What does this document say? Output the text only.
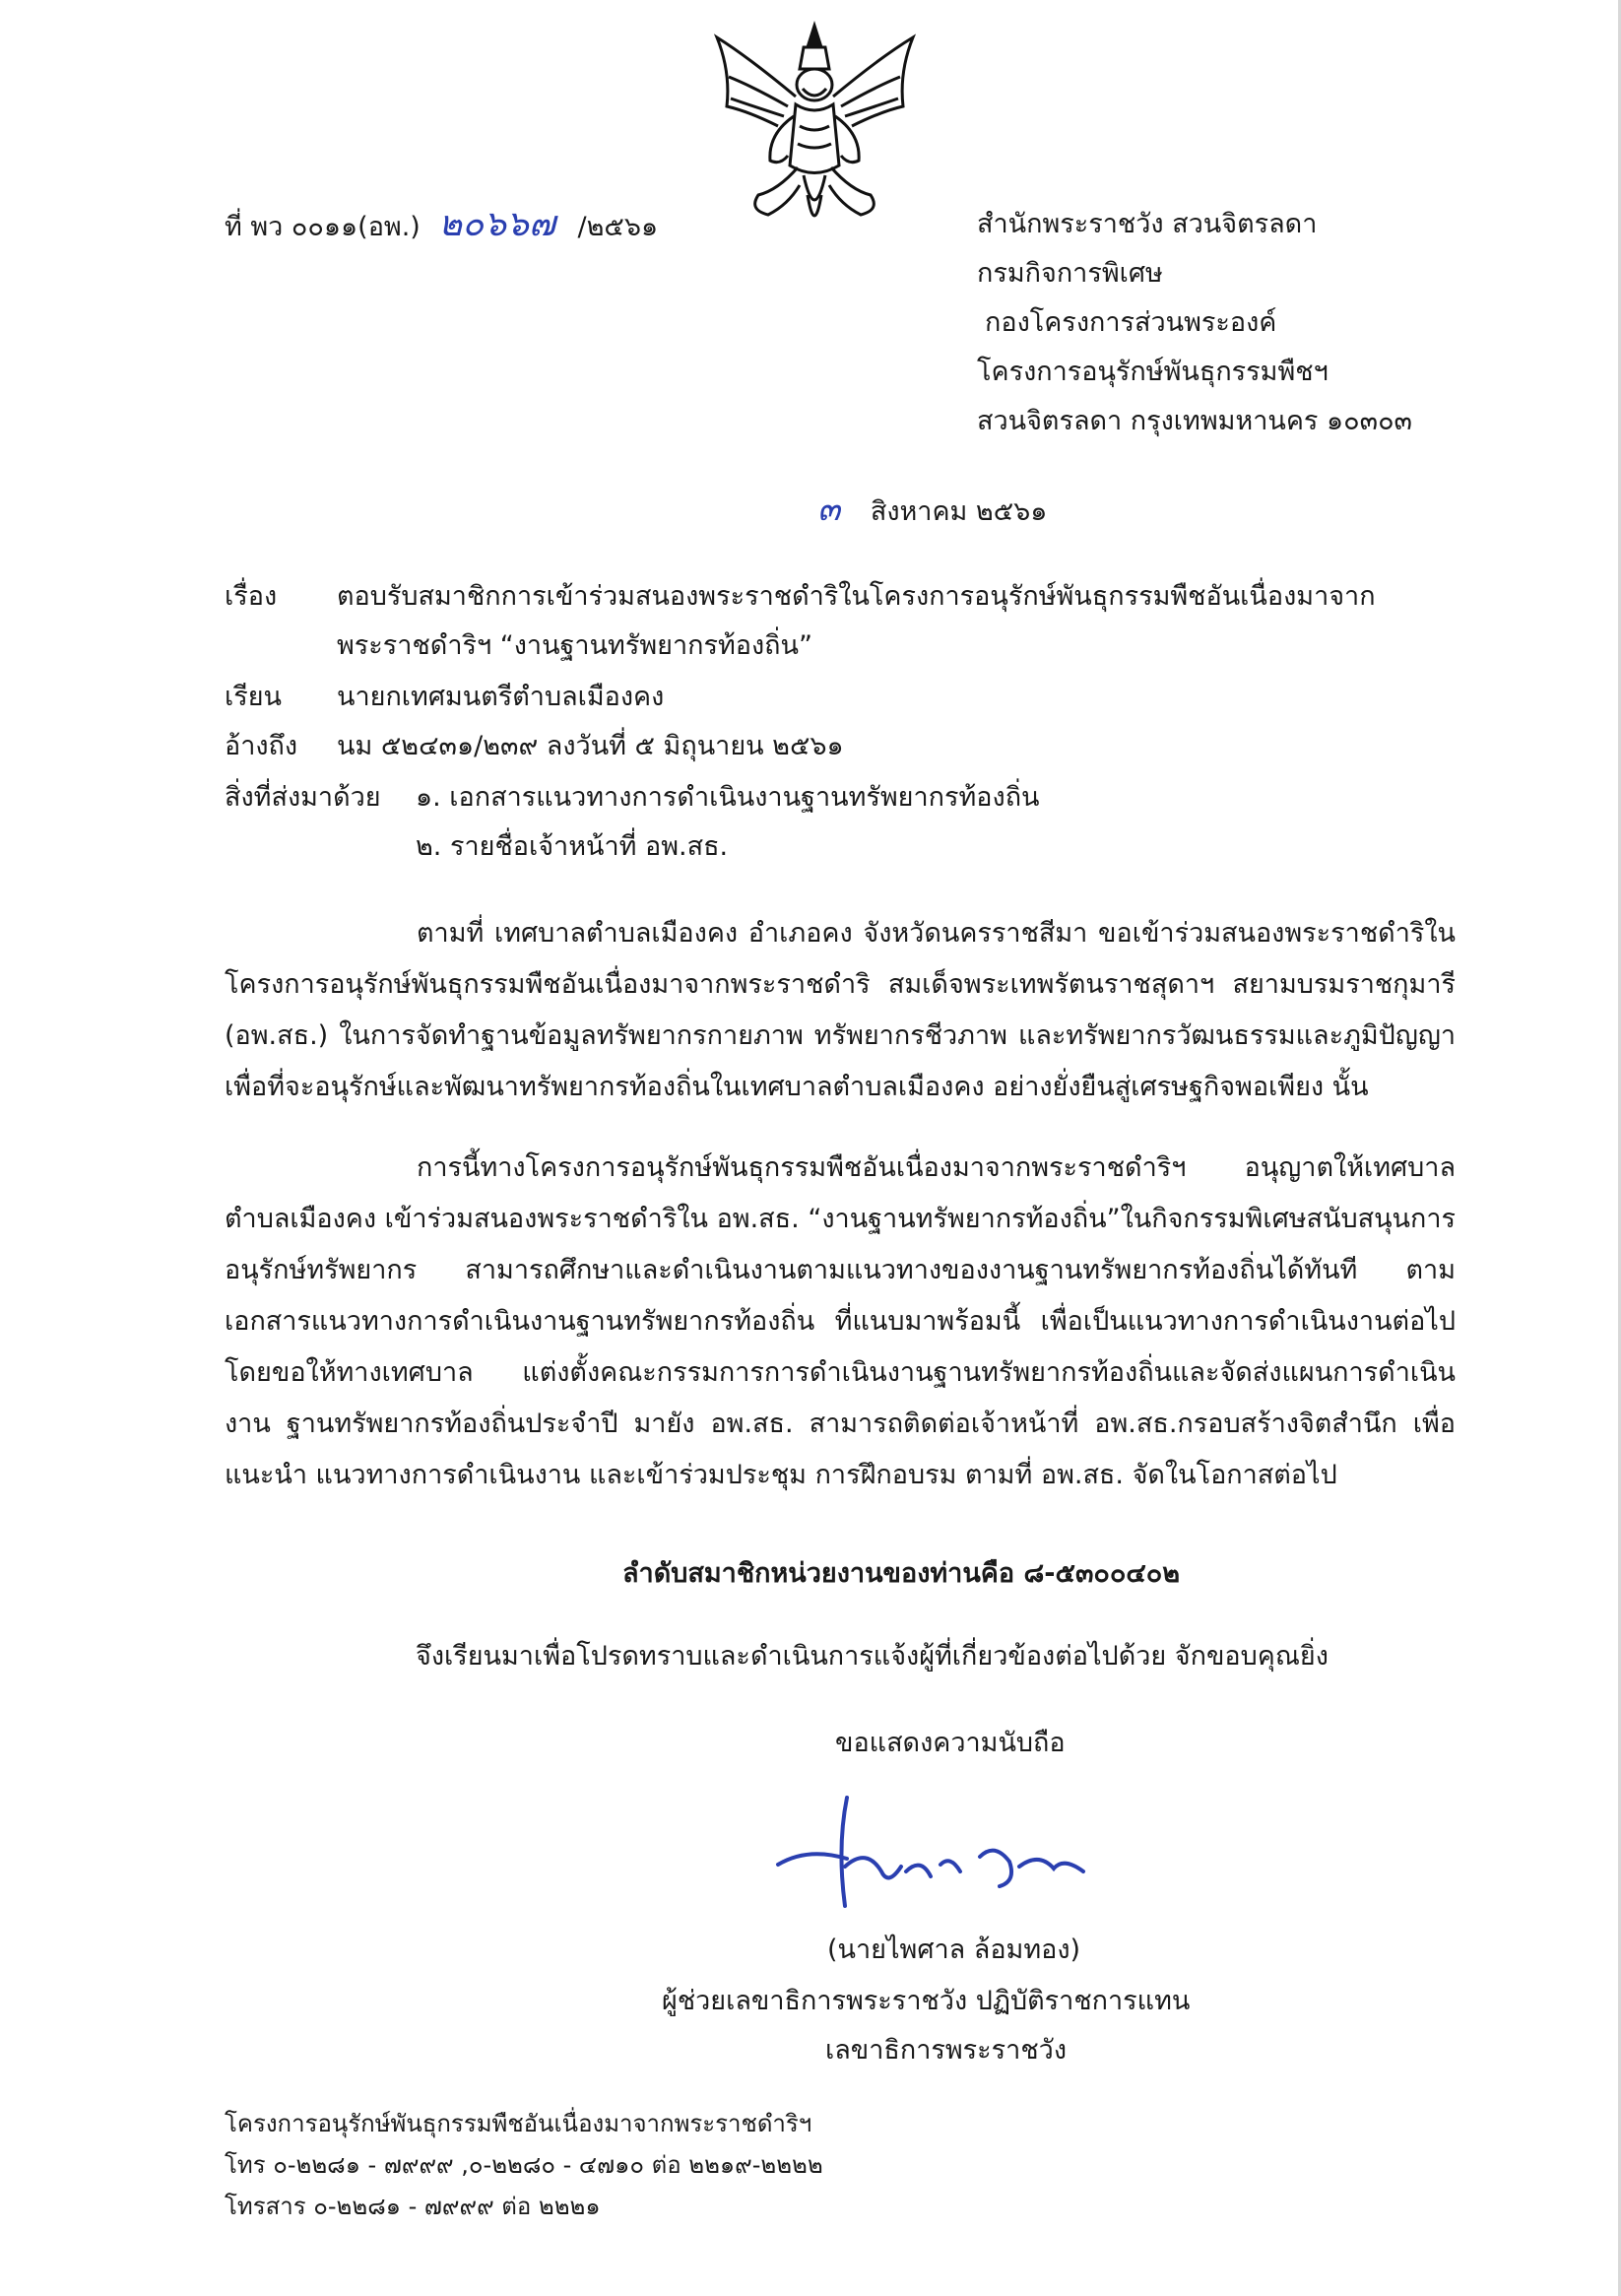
ที่ พว ๐๐๑๑(อพ.) ๒๐๖๖๗ /๒๕๖๑	สำนักพระราชวัง สวนจิตรลดา
กรมกิจการพิเศษ
กองโครงการส่วนพระองค์
โครงการอนุรักษ์พันธุกรรมพืชฯ
สวนจิตรลดา กรุงเทพมหานคร ๑๐๓๐๓
๓ สิงหาคม ๒๕๖๑
เรื่อง ตอบรับสมาชิกการเข้าร่วมสนองพระราชดำริในโครงการอนุรักษ์พันธุกรรมพืชอันเนื่องมาจาก
พระราชดำริฯ “งานฐานทรัพยากรท้องถิ่น”
เรียน นายกเทศมนตรีตำบลเมืองคง
อ้างถึง นม ๕๒๔๓๑/๒๓๙ ลงวันที่ ๕ มิถุนายน ๒๕๖๑
สิ่งที่ส่งมาด้วย ๑. เอกสารแนวทางการดำเนินงานฐานทรัพยากรท้องถิ่น
๒. รายชื่อเจ้าหน้าที่ อพ.สธ.
ตามที่ เทศบาลตำบลเมืองคง อำเภอคง จังหวัดนครราชสีมา ขอเข้าร่วมสนองพระราชดำริใน โครงการอนุรักษ์พันธุกรรมพืชอันเนื่องมาจากพระราชดำริ สมเด็จพระเทพรัตนราชสุดาฯ สยามบรมราชกุมารี (อพ.สธ.) ในการจัดทำฐานข้อมูลทรัพยากรกายภาพ ทรัพยากรชีวภาพ และทรัพยากรวัฒนธรรมและภูมิปัญญา เพื่อที่จะอนุรักษ์และพัฒนาทรัพยากรท้องถิ่นในเทศบาลตำบลเมืองคง อย่างยั่งยืนสู่เศรษฐกิจพอเพียง นั้น
การนี้ทางโครงการอนุรักษ์พันธุกรรมพืชอันเนื่องมาจากพระราชดำริฯ อนุญาตให้เทศบาล ตำบลเมืองคง เข้าร่วมสนองพระราชดำริใน อพ.สธ. “งานฐานทรัพยากรท้องถิ่น”ในกิจกรรมพิเศษสนับสนุนการ อนุรักษ์ทรัพยากร สามารถศึกษาและดำเนินงานตามแนวทางของงานฐานทรัพยากรท้องถิ่นได้ทันที ตาม เอกสารแนวทางการดำเนินงานฐานทรัพยากรท้องถิ่น ที่แนบมาพร้อมนี้ เพื่อเป็นแนวทางการดำเนินงานต่อไป โดยขอให้ทางเทศบาล แต่งตั้งคณะกรรมการการดำเนินงานฐานทรัพยากรท้องถิ่นและจัดส่งแผนการดำเนินงาน ฐานทรัพยากรท้องถิ่นประจำปี มายัง อพ.สธ. สามารถติดต่อเจ้าหน้าที่ อพ.สธ.กรอบสร้างจิตสำนึก เพื่อแนะนำ แนวทางการดำเนินงาน และเข้าร่วมประชุม การฝึกอบรม ตามที่ อพ.สธ. จัดในโอกาสต่อไป
ลำดับสมาชิกหน่วยงานของท่านคือ ๘-๕๓๐๐๔๐๒
จึงเรียนมาเพื่อโปรดทราบและดำเนินการแจ้งผู้ที่เกี่ยวข้องต่อไปด้วย จักขอบคุณยิ่ง
ขอแสดงความนับถือ
(นายไพศาล ล้อมทอง)
ผู้ช่วยเลขาธิการพระราชวัง ปฏิบัติราชการแทน
เลขาธิการพระราชวัง
โครงการอนุรักษ์พันธุกรรมพืชอันเนื่องมาจากพระราชดำริฯ
โทร ๐-๒๒๘๑ - ๗๙๙๙ ,๐-๒๒๘๐ - ๔๗๑๐ ต่อ ๒๒๑๙-๒๒๒๒
โทรสาร ๐-๒๒๘๑ - ๗๙๙๙ ต่อ ๒๒๒๑
